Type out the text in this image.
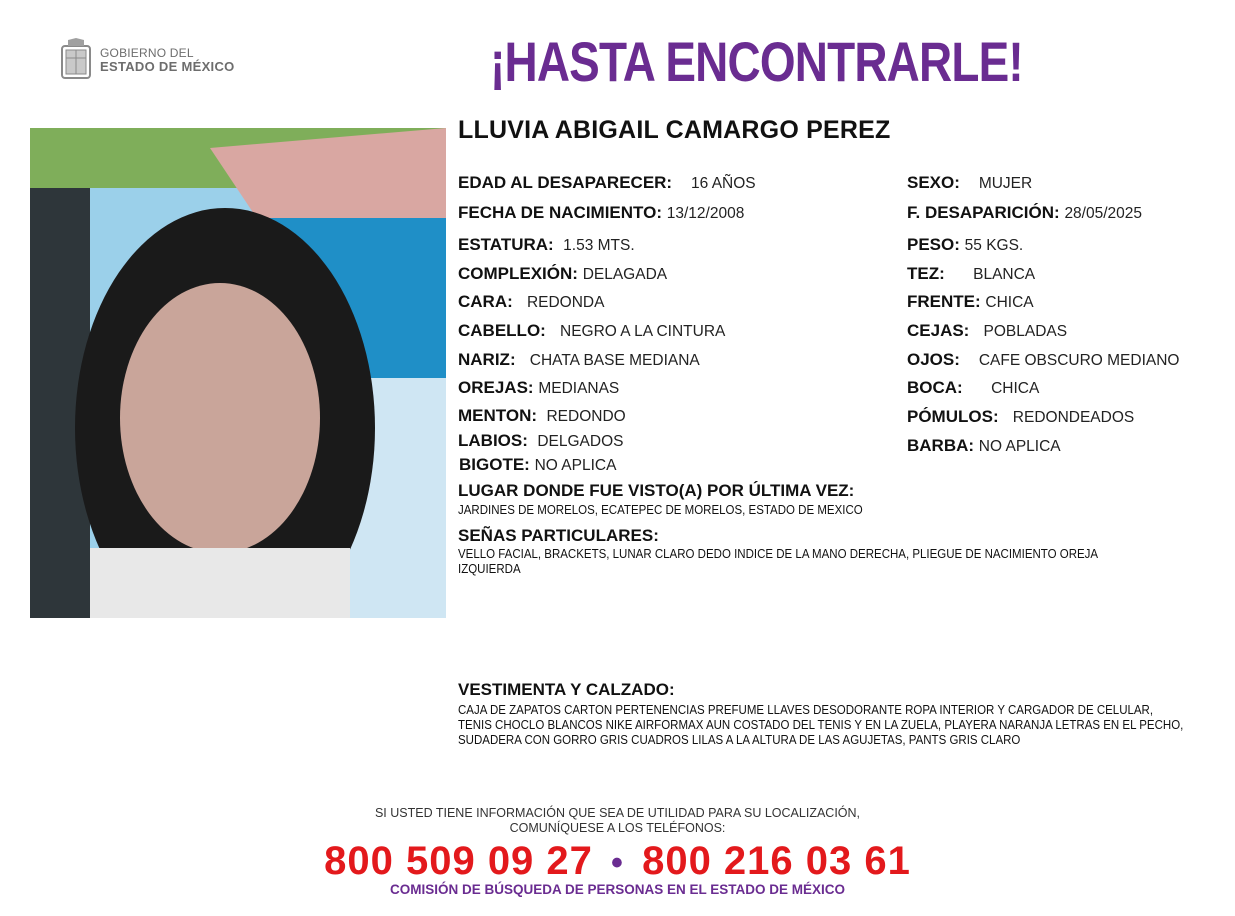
GOBIERNO DEL
ESTADO DE MÉXICO	¡HASTA ENCONTRARLE!
LLUVIA ABIGAIL CAMARGO PEREZ
EDAD AL DESAPARECER: 16 AÑOS
FECHA DE NACIMIENTO: 13/12/2008
ESTATURA: 1.53 MTS.
COMPLEXIÓN: DELAGADA
CARA: REDONDA
CABELLO: NEGRO A LA CINTURA
NARIZ: CHATA BASE MEDIANA
OREJAS: MEDIANAS
MENTON: REDONDO
LABIOS: DELGADOS
BIGOTE: NO APLICA
SEXO: MUJER
F. DESAPARICIÓN: 28/05/2025
PESO: 55 KGS.
TEZ: BLANCA
FRENTE: CHICA
CEJAS: POBLADAS
OJOS: CAFE OBSCURO MEDIANO
BOCA: CHICA
PÓMULOS: REDONDEADOS
BARBA: NO APLICA
LUGAR DONDE FUE VISTO(A) POR ÚLTIMA VEZ:
JARDINES DE MORELOS, ECATEPEC DE MORELOS, ESTADO DE MEXICO
SEÑAS PARTICULARES:
VELLO FACIAL, BRACKETS, LUNAR CLARO DEDO INDICE DE LA MANO DERECHA, PLIEGUE DE NACIMIENTO OREJA IZQUIERDA
VESTIMENTA Y CALZADO:
CAJA DE ZAPATOS CARTON PERTENENCIAS PREFUME LLAVES DESODORANTE ROPA INTERIOR Y CARGADOR DE CELULAR, TENIS CHOCLO BLANCOS NIKE AIRFORMAX AUN COSTADO DEL TENIS Y EN LA ZUELA, PLAYERA NARANJA LETRAS EN EL PECHO, SUDADERA CON GORRO GRIS CUADROS LILAS A LA ALTURA DE LAS AGUJETAS, PANTS GRIS CLARO
SI USTED TIENE INFORMACIÓN QUE SEA DE UTILIDAD PARA SU LOCALIZACIÓN,
COMUNÍQUESE A LOS TELÉFONOS:
800 509 09 27 • 800 216 03 61
COMISIÓN DE BÚSQUEDA DE PERSONAS EN EL ESTADO DE MÉXICO
